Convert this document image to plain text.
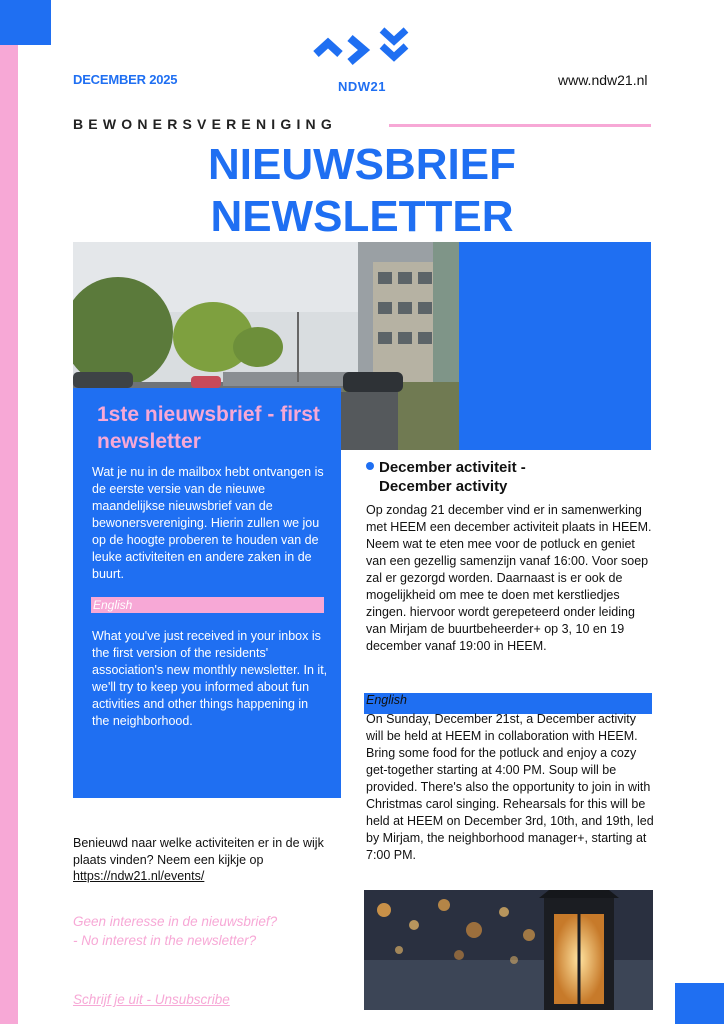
DECEMBER 2025	NDW21	www.ndw21.nl
BEWONERSVERENIGING
NIEUWSBRIEF
NEWSLETTER
1ste nieuwsbrief - first newsletter
Wat je nu in de mailbox hebt ontvangen is de eerste versie van de nieuwe maandelijkse nieuwsbrief van de bewonersvereniging. Hierin zullen we jou op de hoogte proberen te houden van de leuke activiteiten en andere zaken in de buurt.
English
What you've just received in your inbox is the first version of the residents' association's new monthly newsletter. In it, we'll try to keep you informed about fun activities and other things happening in the neighborhood.
December activiteit - December activity
Op zondag 21 december vind er in samenwerking met HEEM een december activiteit plaats in HEEM. Neem wat te eten mee voor de potluck en geniet van een gezellig samenzijn vanaf 16:00. Voor soep zal er gezorgd worden. Daarnaast is er ook de mogelijkheid om mee te doen met kerstliedjes zingen. hiervoor wordt gerepeteerd onder leiding van Mirjam de buurtbeheerder+ op 3, 10 en 19 december vanaf 19:00 in HEEM.
English
On Sunday, December 21st, a December activity will be held at HEEM in collaboration with HEEM. Bring some food for the potluck and enjoy a cozy get-together starting at 4:00 PM. Soup will be provided. There's also the opportunity to join in with Christmas carol singing. Rehearsals for this will be held at HEEM on December 3rd, 10th, and 19th, led by Mirjam, the neighborhood manager+, starting at 7:00 PM.
Benieuwd naar welke activiteiten er in de wijk plaats vinden? Neem een kijkje op
https://ndw21.nl/events/
Geen interesse in de nieuwsbrief? - No interest in the newsletter?
Schrijf je uit - Unsubscribe
